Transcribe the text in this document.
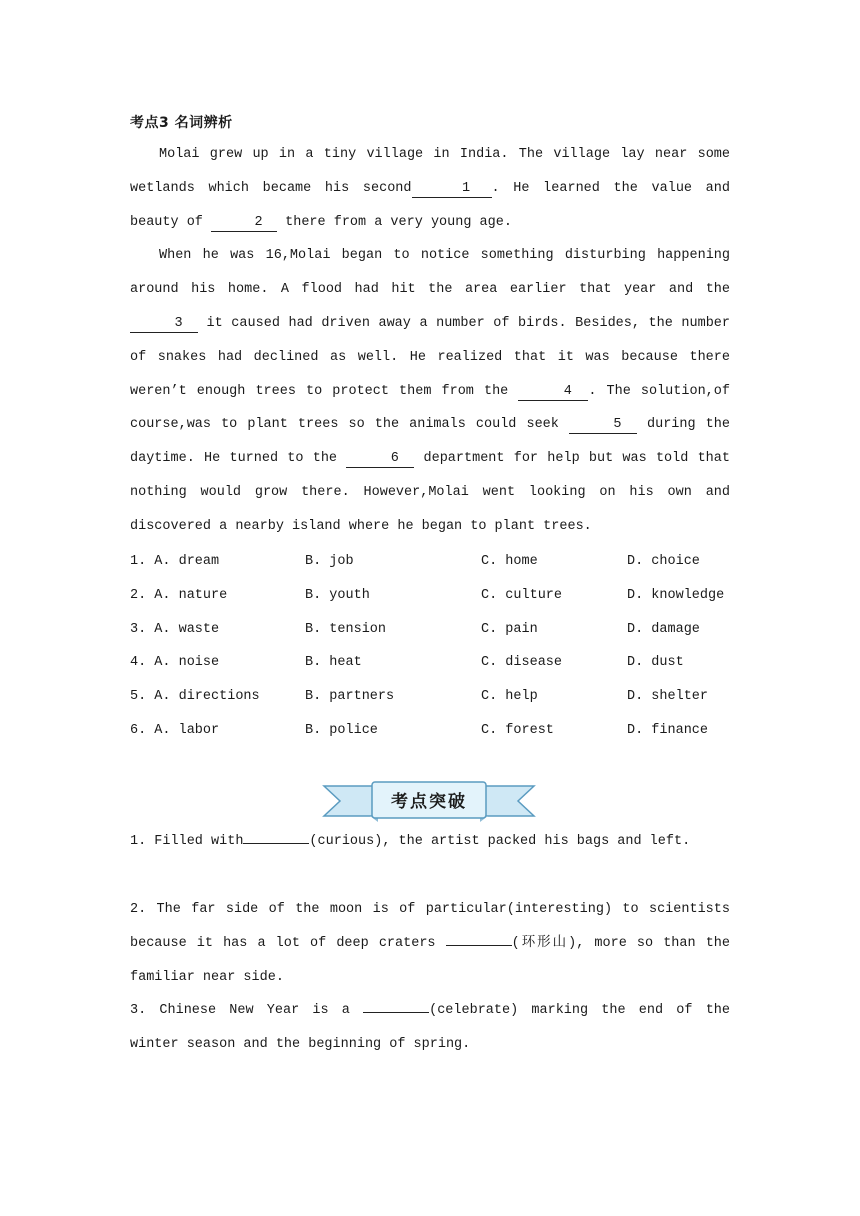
考点3 名词辨析

Molai grew up in a tiny village in India. The village lay near some wetlands which became his second	1 . He learned the value and beauty of	2 there from a very young age.

When he was 16,Molai began to notice something disturbing happening around his home. A flood had hit the area earlier that year and the 3 it caused had driven away a number of birds. Besides, the number of snakes had declined as well. He realized that it was because there weren’t enough trees to protect them from the	4 . The solution,of course,was to plant trees so the animals could seek	5 during the daytime. He turned to the	6 department for help but was told that nothing would grow there. However,Molai went looking on his own and discovered a nearby island where he began to plant trees.

1. A. dream	B. job	C. home	D. choice
2. A. nature	B. youth	C. culture	D. knowledge
3. A. waste	B. tension	C. pain	D. damage
4. A. noise	B. heat	C. disease	D. dust
5. A. directions	B. partners	C. help	D. shelter
6. A. labor	B. police	C. forest	D. finance
考点突破
1. Filled with	(curious), the artist packed his bags and left.
2. The far side of the moon is of particular(interesting) to scientists because it has a lot of deep craters	(环形山), more so than the familiar near side.
3. Chinese New Year is a	(celebrate) marking the end of the winter season and the beginning of spring.
